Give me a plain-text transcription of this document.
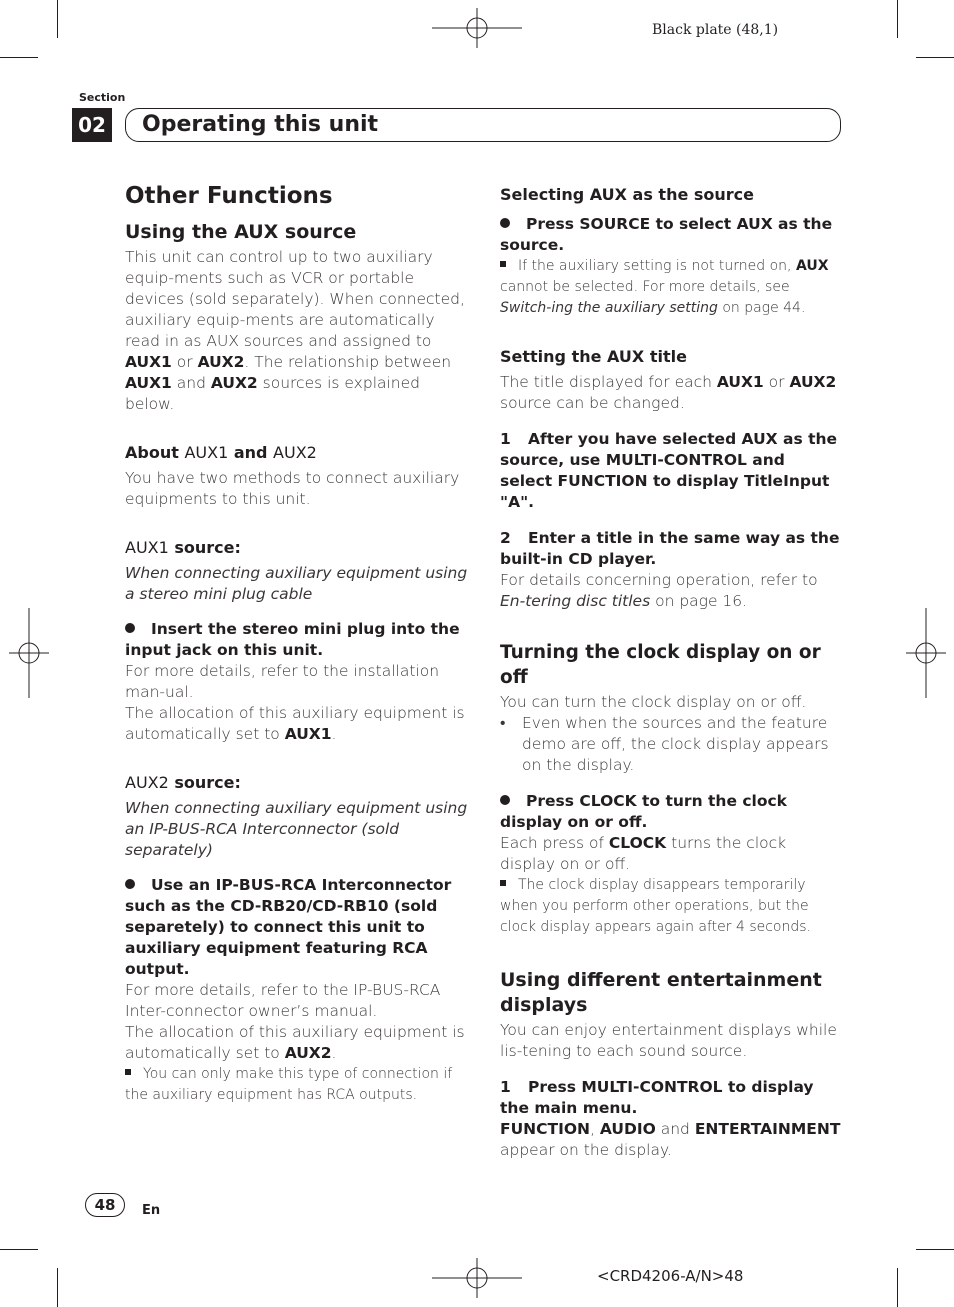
Black plate (48,1)
Section
02	Operating this unit
Other Functions
Using the AUX source

This unit can control up to two auxiliary equip-ments such as VCR or portable devices (sold separately). When connected, auxiliary equip-ments are automatically read in as AUX sources and assigned to AUX1 or AUX2. The relationship between AUX1 and AUX2 sources is explained below.

About AUX1 and AUX2

You have two methods to connect auxiliary equipments to this unit.

AUX1 source:

When connecting auxiliary equipment using a stereo mini plug cable

Insert the stereo mini plug into the input jack on this unit.

For more details, refer to the installation man-ual.

The allocation of this auxiliary equipment is automatically set to AUX1.

AUX2 source:

When connecting auxiliary equipment using an IP-BUS-RCA Interconnector (sold separately)

Use an IP-BUS-RCA Interconnector such as the CD-RB20/CD-RB10 (sold separetely) to connect this unit to auxiliary equipment featuring RCA output.

For more details, refer to the IP-BUS-RCA Inter-connector owner’s manual.

The allocation of this auxiliary equipment is automatically set to AUX2.

You can only make this type of connection if the auxiliary equipment has RCA outputs.

Selecting AUX as the source

Press SOURCE to select AUX as the source.

If the auxiliary setting is not turned on, AUX cannot be selected. For more details, see Switch-ing the auxiliary setting on page 44.

Setting the AUX title

The title displayed for each AUX1 or AUX2 source can be changed.

1 After you have selected AUX as the source, use MULTI-CONTROL and select FUNCTION to display TitleInput "A".

2 Enter a title in the same way as the built-in CD player.

For details concerning operation, refer to En-tering disc titles on page 16.

Turning the clock display on or off

You can turn the clock display on or off.

• Even when the sources and the feature demo are off, the clock display appears on the display.

Press CLOCK to turn the clock display on or off.

Each press of CLOCK turns the clock display on or off.

The clock display disappears temporarily when you perform other operations, but the clock display appears again after 4 seconds.

Using different entertainment displays

You can enjoy entertainment displays while lis-tening to each sound source.

1 Press MULTI-CONTROL to display the main menu.

FUNCTION, AUDIO and ENTERTAINMENT appear on the display.

48	En
<CRD4206-A/N>48
